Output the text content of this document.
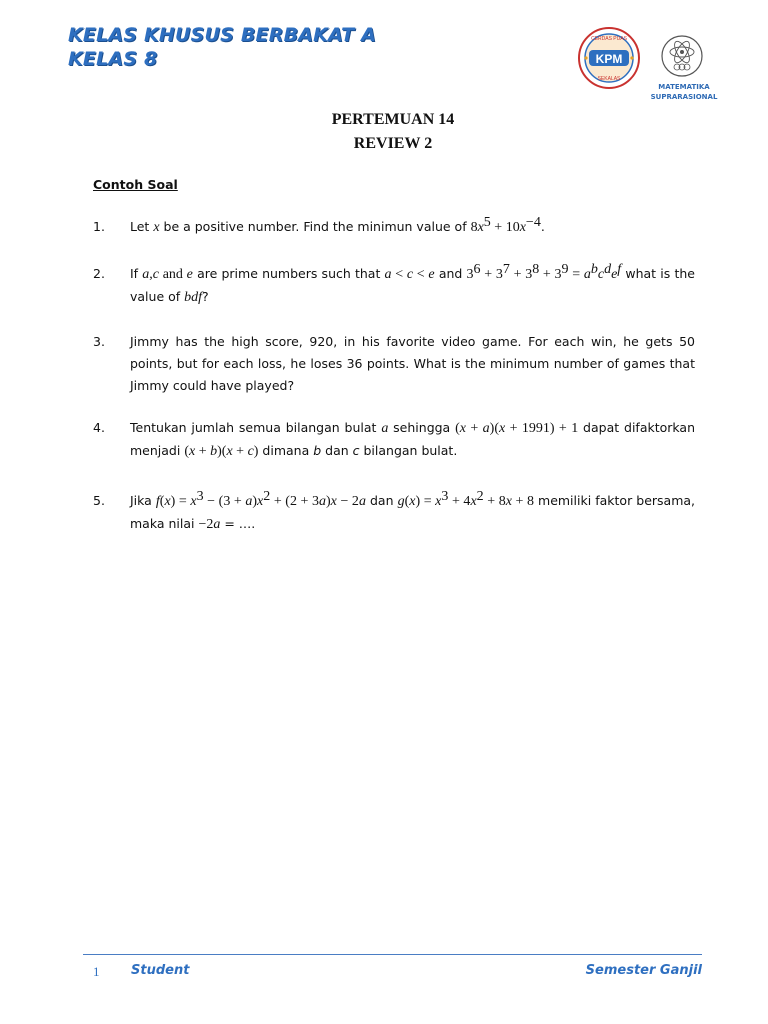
KELAS KHUSUS BERBAKAT A
KELAS 8	KPM
CERDAS PUAS
SEKALAS
MATEMATIKA
SUPRARASIONAL
PERTEMUAN 14
REVIEW 2
Contoh Soal
1. Let x be a positive number. Find the minimun value of $8x^5 + 10x^{-4}$.
2. If a,c and e are prime numbers such that a < c < e and $3^6 + 3^7 + 3^8 + 3^9 = a^bc^de^f$ what is the value of bdf?
3. Jimmy has the high score, 920, in his favorite video game. For each win, he gets 50 points, but for each loss, he loses 36 points. What is the minimum number of games that Jimmy could have played?
4. Tentukan jumlah semua bilangan bulat a sehingga (x + a)(x + 1991) + 1 dapat difaktorkan menjadi (x + b)(x + c) dimana b dan c bilangan bulat.
5. Jika $f(x) = x^3 - (3 + a)x^2 + (2 + 3a)x - 2a$ dan $g(x) = x^3 + 4x^2 + 8x + 8$ memiliki faktor bersama, maka nilai −2a = ….
1 Student	Semester Ganjil
